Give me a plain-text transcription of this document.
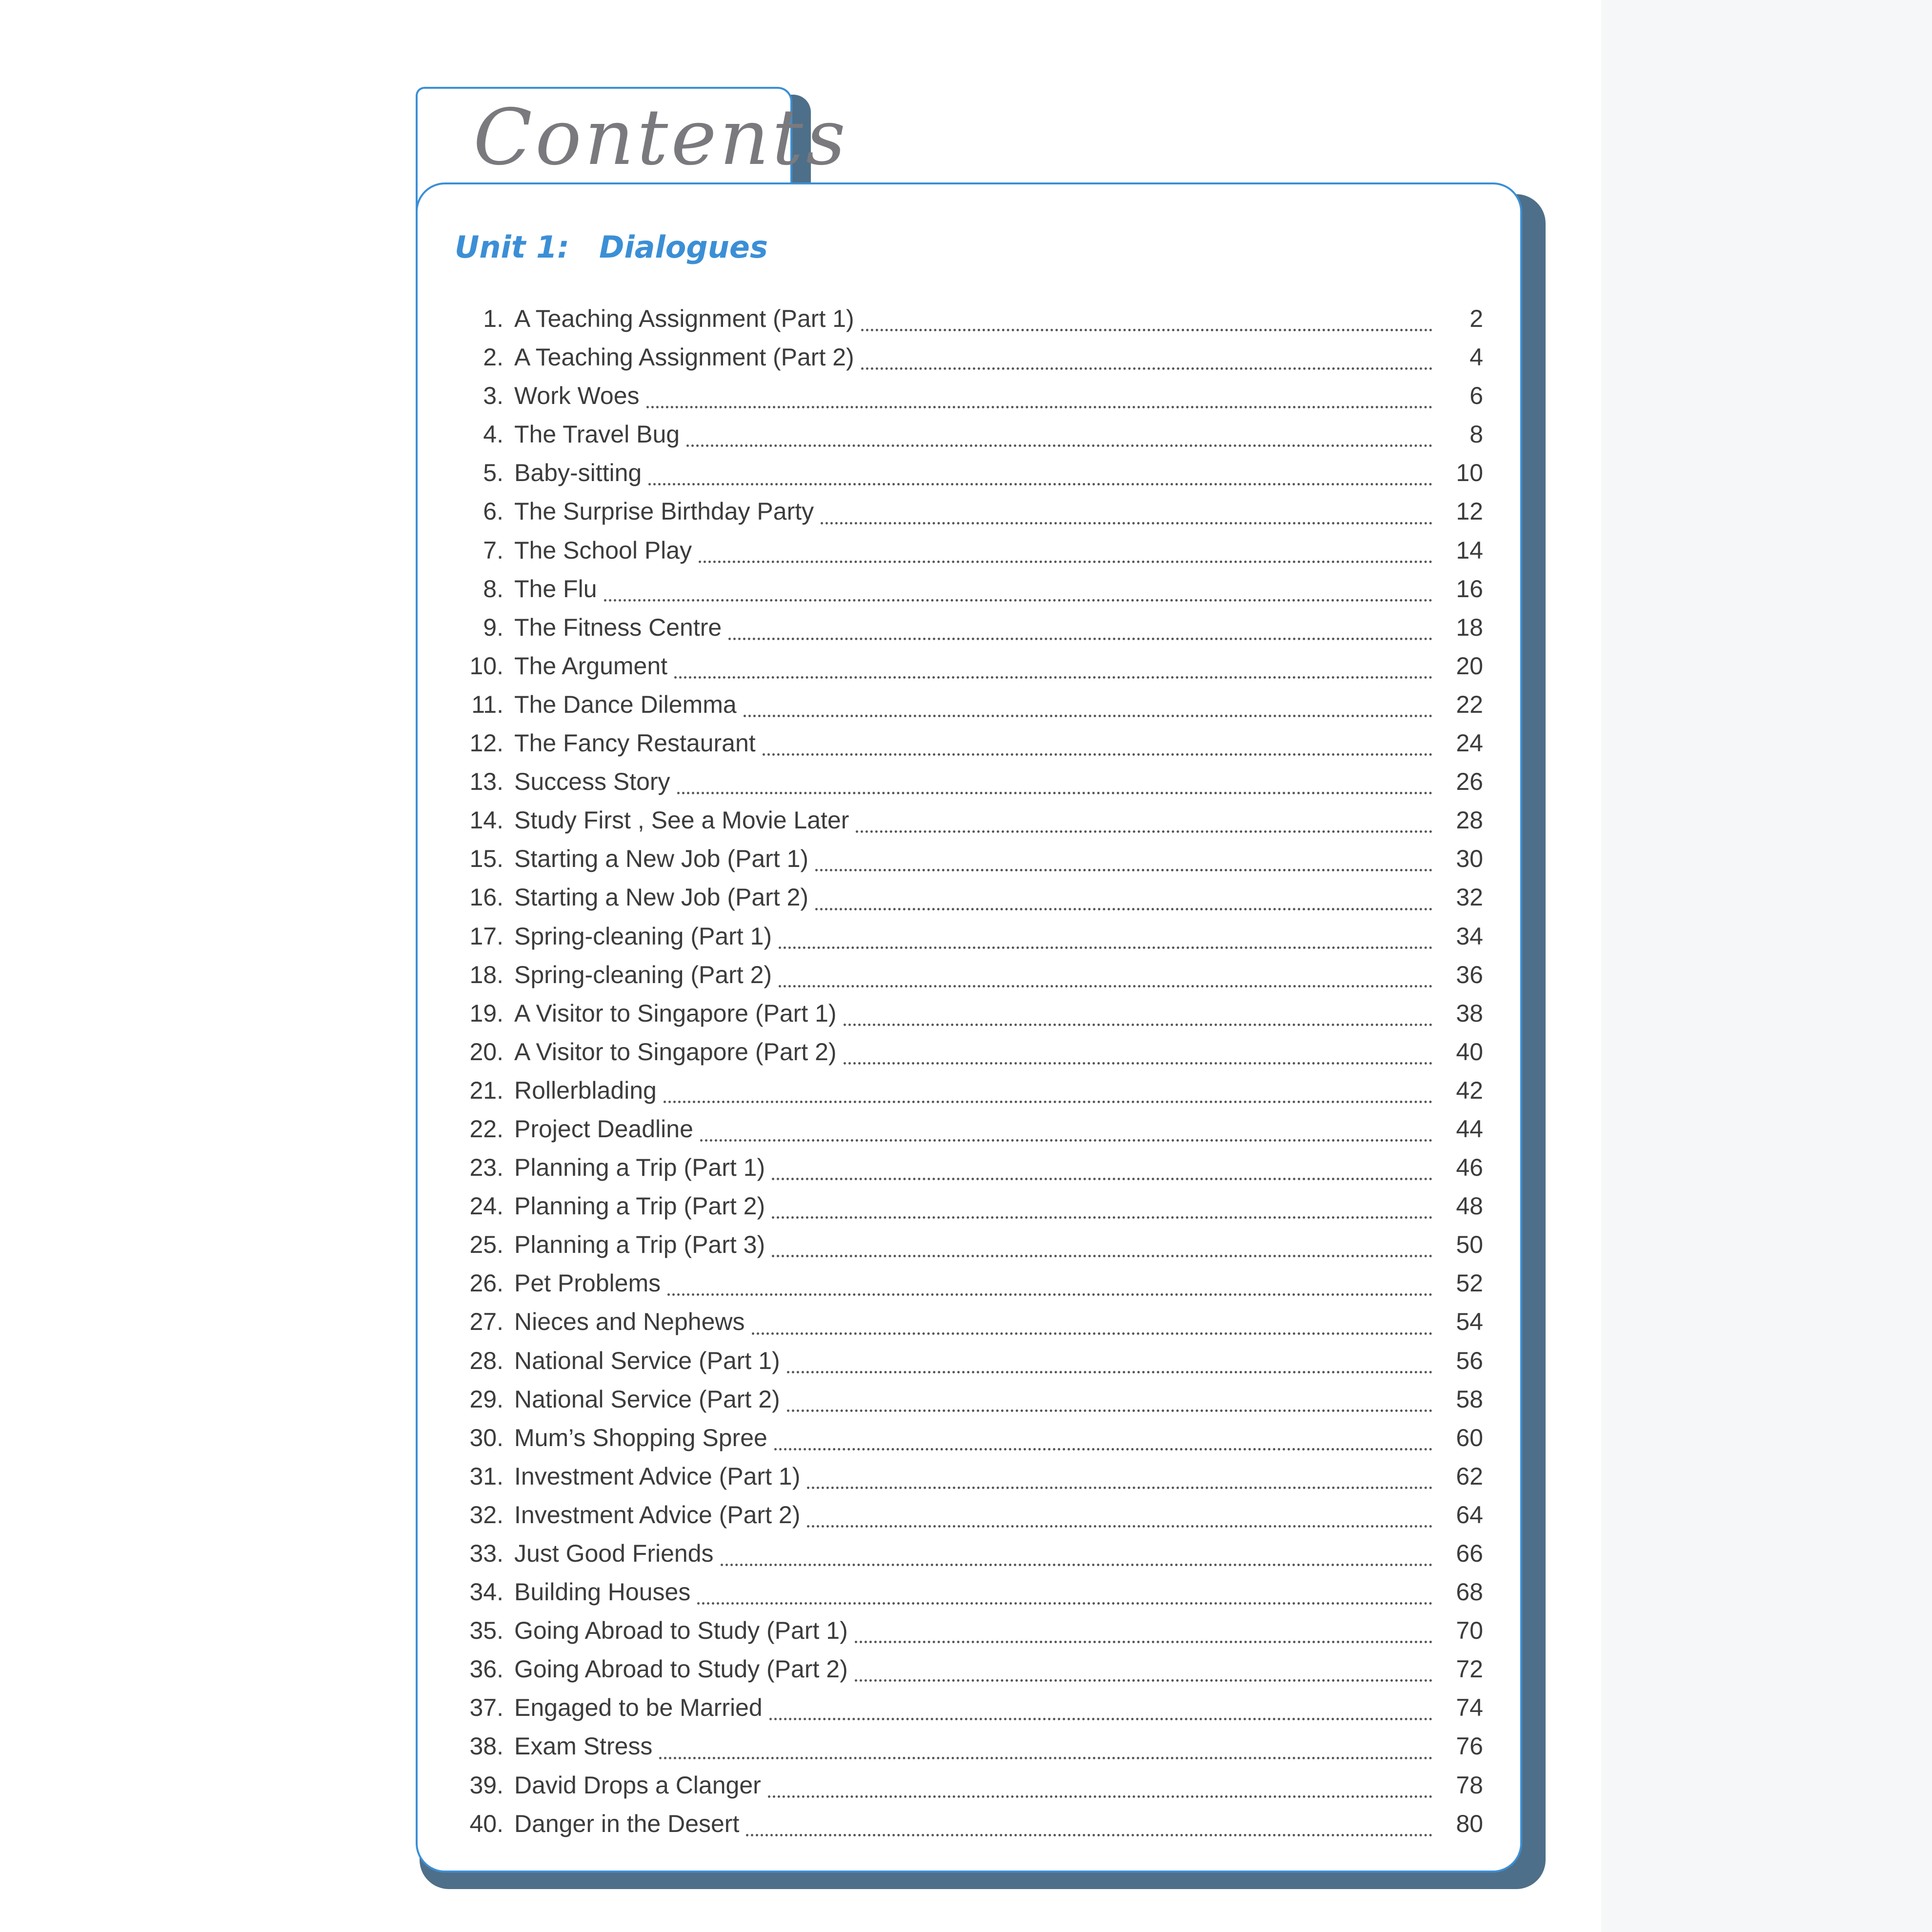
Contents
Unit 1: Dialogues
1. A Teaching Assignment (Part 1)	2
2. A Teaching Assignment (Part 2)	4
3. Work Woes	6
4. The Travel Bug	8
5. Baby-sitting	10
6. The Surprise Birthday Party	12
7. The School Play	14
8. The Flu	16
9. The Fitness Centre	18
10. The Argument	20
11. The Dance Dilemma	22
12. The Fancy Restaurant	24
13. Success Story	26
14. Study First , See a Movie Later	28
15. Starting a New Job (Part 1)	30
16. Starting a New Job (Part 2)	32
17. Spring-cleaning (Part 1)	34
18. Spring-cleaning (Part 2)	36
19. A Visitor to Singapore (Part 1)	38
20. A Visitor to Singapore (Part 2)	40
21. Rollerblading	42
22. Project Deadline	44
23. Planning a Trip (Part 1)	46
24. Planning a Trip (Part 2)	48
25. Planning a Trip (Part 3)	50
26. Pet Problems	52
27. Nieces and Nephews	54
28. National Service (Part 1)	56
29. National Service (Part 2)	58
30. Mum’s Shopping Spree	60
31. Investment Advice (Part 1)	62
32. Investment Advice (Part 2)	64
33. Just Good Friends	66
34. Building Houses	68
35. Going Abroad to Study (Part 1)	70
36. Going Abroad to Study (Part 2)	72
37. Engaged to be Married	74
38. Exam Stress	76
39. David Drops a Clanger	78
40. Danger in the Desert	80
